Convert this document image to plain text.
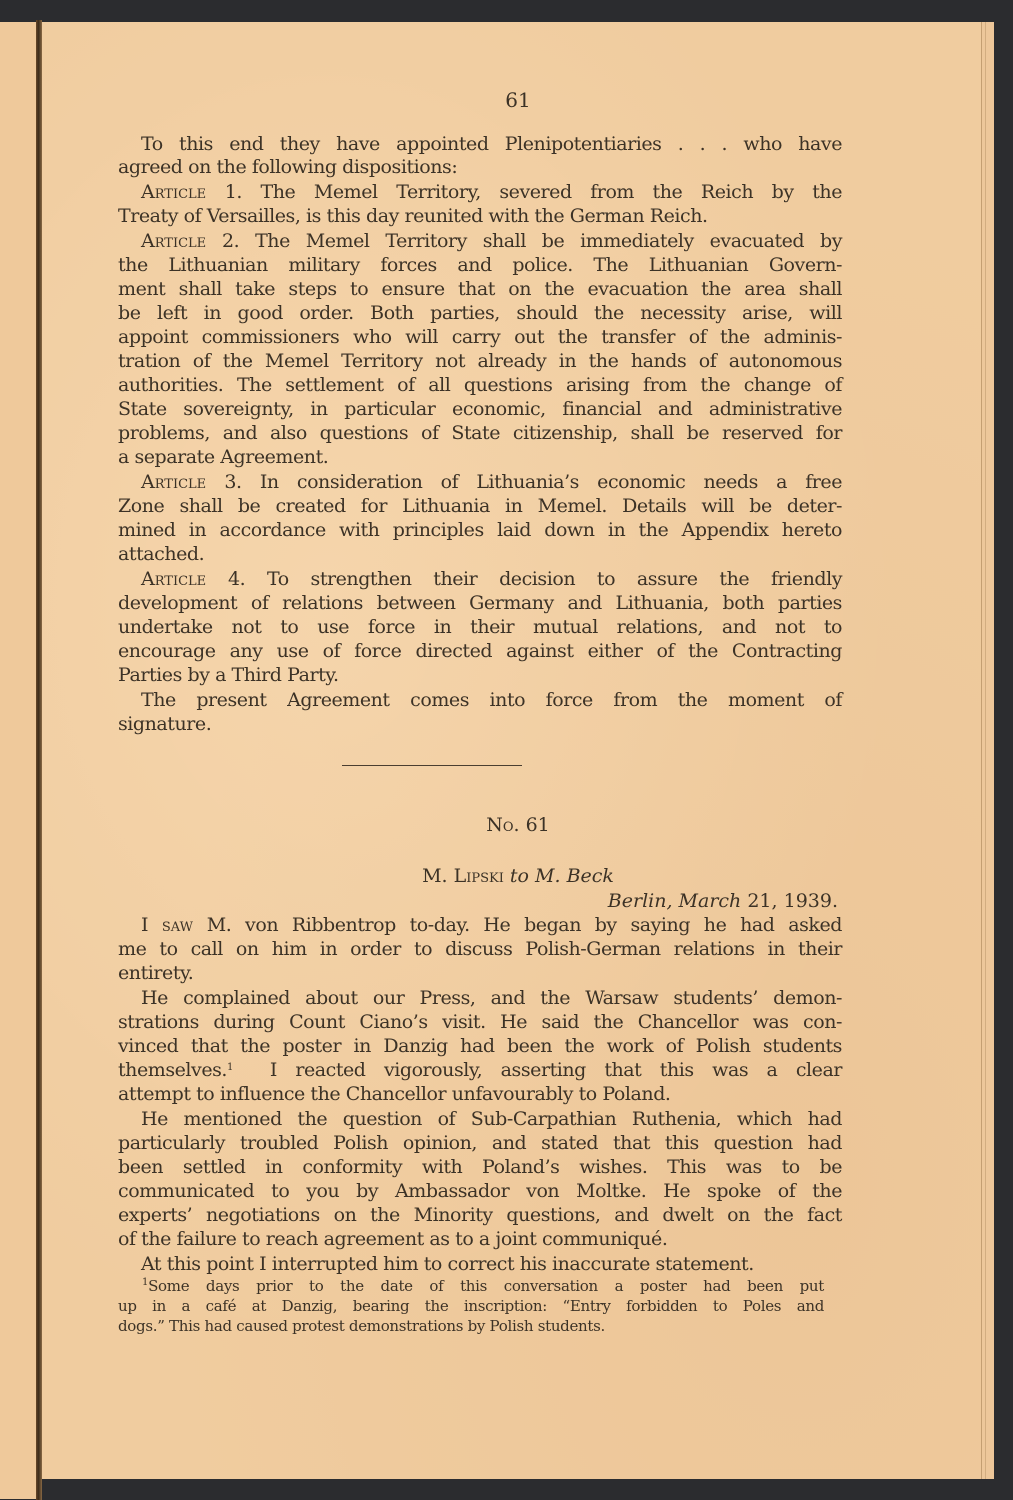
61
To this end they have appointed Plenipotentiaries . . . who have
agreed on the following dispositions:
Article 1. The Memel Territory, severed from the Reich by the
Treaty of Versailles, is this day reunited with the German Reich.
Article 2. The Memel Territory shall be immediately evacuated by
the Lithuanian military forces and police. The Lithuanian Govern-
ment shall take steps to ensure that on the evacuation the area shall
be left in good order. Both parties, should the necessity arise, will
appoint commissioners who will carry out the transfer of the adminis-
tration of the Memel Territory not already in the hands of autonomous
authorities. The settlement of all questions arising from the change of
State sovereignty, in particular economic, financial and administrative
problems, and also questions of State citizenship, shall be reserved for
a separate Agreement.
Article 3. In consideration of Lithuania’s economic needs a free
Zone shall be created for Lithuania in Memel. Details will be deter-
mined in accordance with principles laid down in the Appendix hereto
attached.
Article 4. To strengthen their decision to assure the friendly
development of relations between Germany and Lithuania, both parties
undertake not to use force in their mutual relations, and not to
encourage any use of force directed against either of the Contracting
Parties by a Third Party.
The present Agreement comes into force from the moment of
signature.
No. 61
M. Lipski to M. Beck
Berlin, March 21, 1939.
I saw M. von Ribbentrop to-day. He began by saying he had asked
me to call on him in order to discuss Polish-German relations in their
entirety.
He complained about our Press, and the Warsaw students’ demon-
strations during Count Ciano’s visit. He said the Chancellor was con-
vinced that the poster in Danzig had been the work of Polish students
themselves.$^1$ I reacted vigorously, asserting that this was a clear
attempt to influence the Chancellor unfavourably to Poland.
He mentioned the question of Sub-Carpathian Ruthenia, which had
particularly troubled Polish opinion, and stated that this question had
been settled in conformity with Poland’s wishes. This was to be
communicated to you by Ambassador von Moltke. He spoke of the
experts’ negotiations on the Minority questions, and dwelt on the fact
of the failure to reach agreement as to a joint communiqué.
At this point I interrupted him to correct his inaccurate statement.
$^1$Some days prior to the date of this conversation a poster had been put
up in a café at Danzig, bearing the inscription: “Entry forbidden to Poles and
dogs.” This had caused protest demonstrations by Polish students.
